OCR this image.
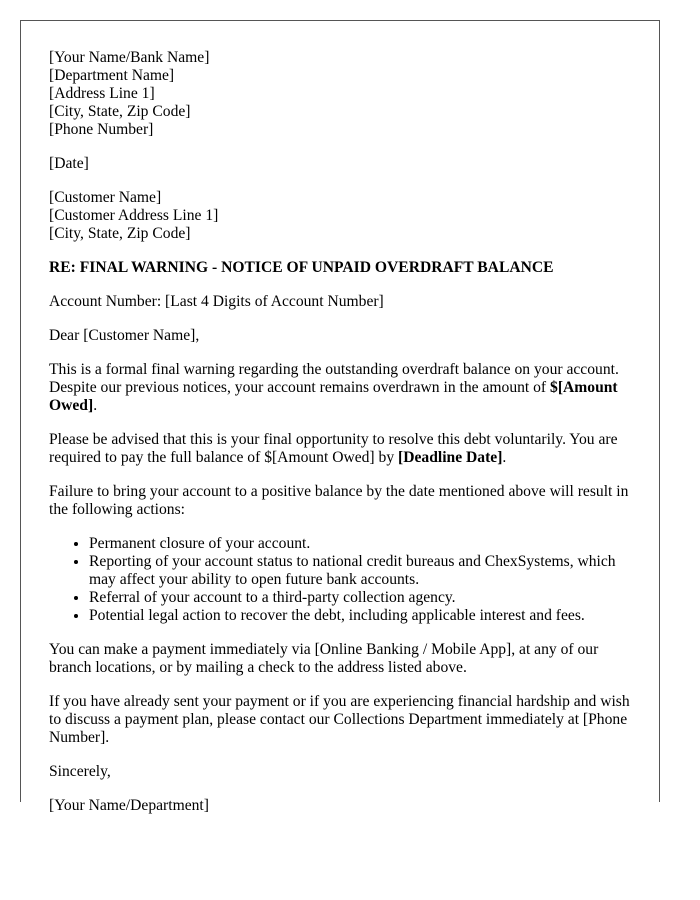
[Your Name/Bank Name]
[Department Name]
[Address Line 1]
[City, State, Zip Code]
[Phone Number]

[Date]

[Customer Name]
[Customer Address Line 1]
[City, State, Zip Code]

RE: FINAL WARNING - NOTICE OF UNPAID OVERDRAFT BALANCE

Account Number: [Last 4 Digits of Account Number]

Dear [Customer Name],

This is a formal final warning regarding the outstanding overdraft balance on your account. Despite our previous notices, your account remains overdrawn in the amount of $[Amount Owed].

Please be advised that this is your final opportunity to resolve this debt voluntarily. You are required to pay the full balance of $[Amount Owed] by [Deadline Date].

Failure to bring your account to a positive balance by the date mentioned above will result in the following actions:

• Permanent closure of your account.
• Reporting of your account status to national credit bureaus and ChexSystems, which may affect your ability to open future bank accounts.
• Referral of your account to a third-party collection agency.
• Potential legal action to recover the debt, including applicable interest and fees.

You can make a payment immediately via [Online Banking / Mobile App], at any of our branch locations, or by mailing a check to the address listed above.

If you have already sent your payment or if you are experiencing financial hardship and wish to discuss a payment plan, please contact our Collections Department immediately at [Phone Number].

Sincerely,

[Your Name/Department]
